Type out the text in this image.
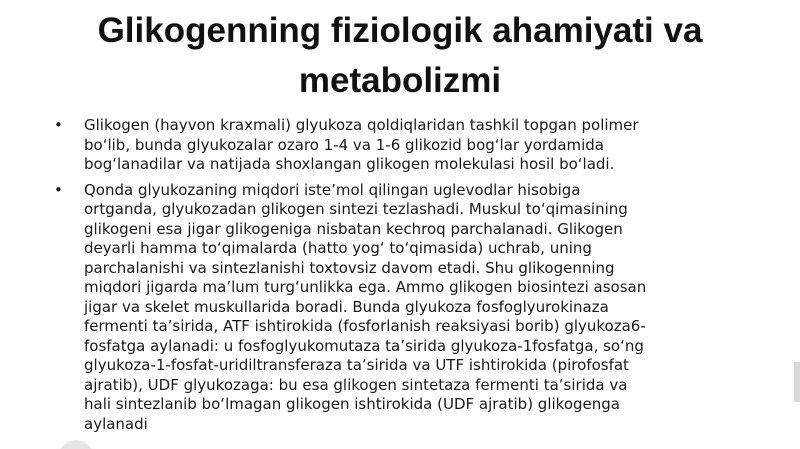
Glikogenning fiziologik ahamiyati va
metabolizmi
• Glikogen (hayvon kraxmali) glyukoza qoldiqlaridan tashkil topgan polimer
bo‘lib, bunda glyukozalar ozaro 1-4 va 1-6 glikozid bog‘lar yordamida
bog‘lanadilar va natijada shoxlangan glikogen molekulasi hosil bo‘ladi.
• Qonda glyukozaning miqdori iste’mol qilingan uglevodlar hisobiga
ortganda, glyukozadan glikogen sintezi tezlashadi. Muskul to‘qimasining
glikogeni esa jigar glikogeniga nisbatan kechroq parchalanadi. Glikogen
deyarli hamma to‘qimalarda (hatto yog‘ to‘qimasida) uchrab, uning
parchalanishi va sintezlanishi toxtovsiz davom etadi. Shu glikogenning
miqdori jigarda ma’lum turg‘unlikka ega. Ammo glikogen biosintezi asosan
jigar va skelet muskullarida boradi. Bunda glyukoza fosfoglyurokinaza
fermenti ta’sirida, ATF ishtirokida (fosforlanish reaksiyasi borib) glyukoza6-
fosfatga aylanadi: u fosfoglyukomutaza ta’sirida glyukoza-1fosfatga, so‘ng
glyukoza-1-fosfat-uridiltransferaza ta’sirida va UTF ishtirokida (pirofosfat
ajratib), UDF glyukozaga: bu esa glikogen sintetaza fermenti ta’sirida va
hali sintezlanib bo‘lmagan glikogen ishtirokida (UDF ajratib) glikogenga
aylanadi
